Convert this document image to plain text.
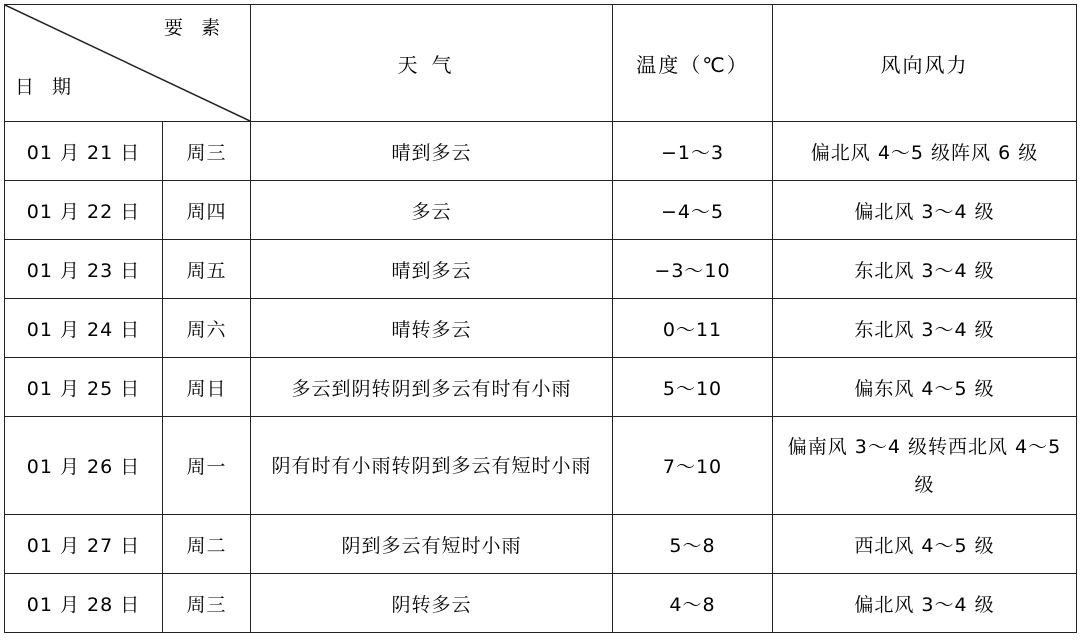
要素
日期		天气	温度（℃）	风向风力
01 月 21 日	周三	晴到多云	−1～3	偏北风 4～5 级阵风 6 级
01 月 22 日	周四	多云	−4～5	偏北风 3～4 级
01 月 23 日	周五	晴到多云	−3～10	东北风 3～4 级
01 月 24 日	周六	晴转多云	0～11	东北风 3～4 级
01 月 25 日	周日	多云到阴转阴到多云有时有小雨	5～10	偏东风 4～5 级
01 月 26 日	周一	阴有时有小雨转阴到多云有短时小雨	7～10	偏南风 3～4 级转西北风 4～5 级
01 月 27 日	周二	阴到多云有短时小雨	5～8	西北风 4～5 级
01 月 28 日	周三	阴转多云	4～8	偏北风 3～4 级
